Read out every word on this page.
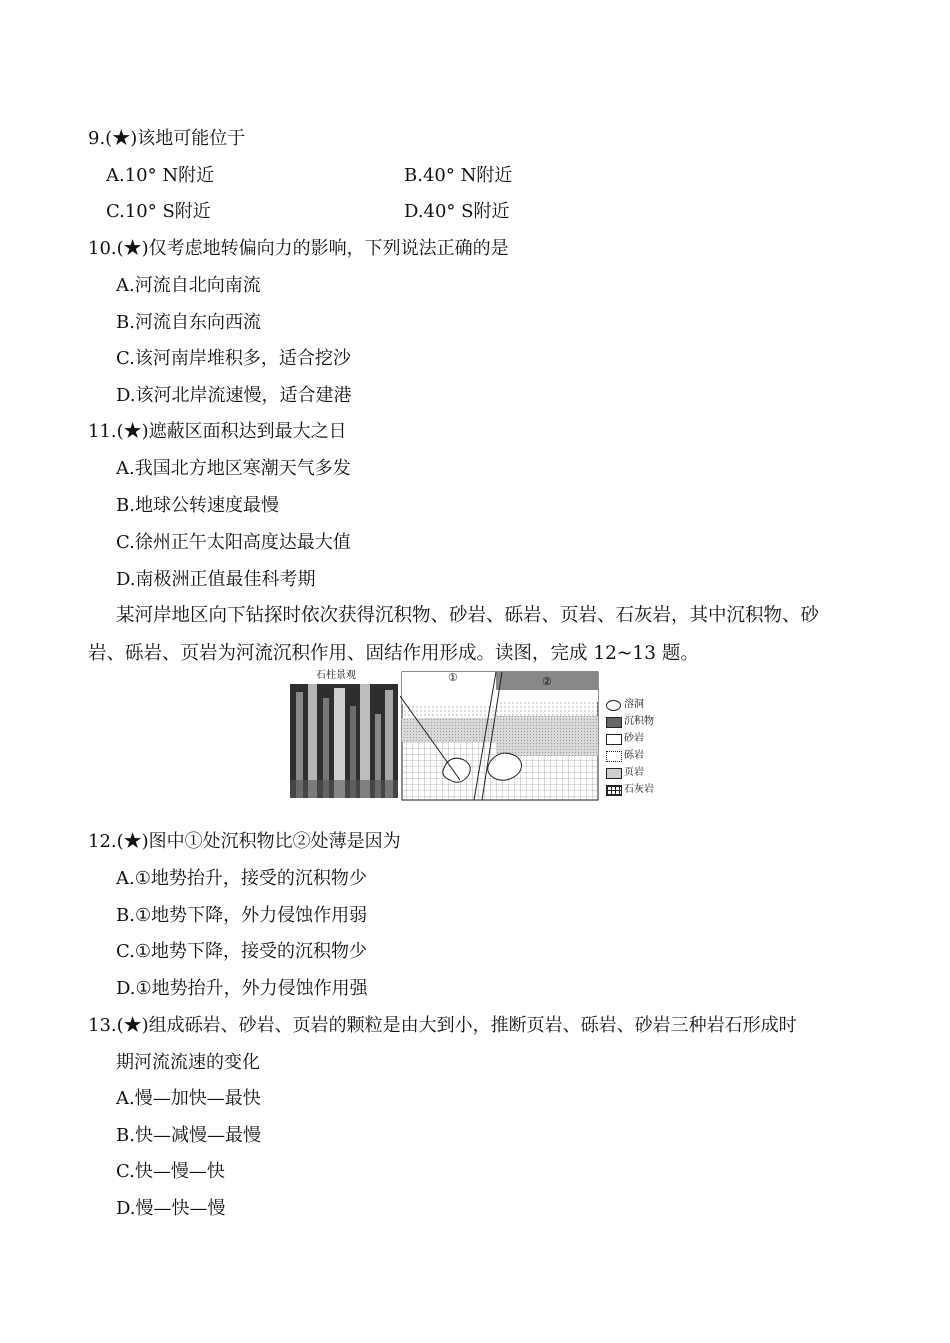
9.(★)该地可能位于
A.10° N附近	B.40° N附近
C.10° S附近	D.40° S附近
10.(★)仅考虑地转偏向力的影响，下列说法正确的是
A.河流自北向南流
B.河流自东向西流
C.该河南岸堆积多，适合挖沙
D.该河北岸流速慢，适合建港
11.(★)遮蔽区面积达到最大之日
A.我国北方地区寒潮天气多发
B.地球公转速度最慢
C.徐州正午太阳高度达最大值
D.南极洲正值最佳科考期
某河岸地区向下钻探时依次获得沉积物、砂岩、砾岩、页岩、石灰岩，其中沉积物、砂
岩、砾岩、页岩为河流沉积作用、固结作用形成。读图，完成 12~13 题。
石柱景观	①	②
溶洞
沉积物
砂岩
砾岩
页岩
石灰岩
12.(★)图中①处沉积物比②处薄是因为
A.①地势抬升，接受的沉积物少
B.①地势下降，外力侵蚀作用弱
C.①地势下降，接受的沉积物少
D.①地势抬升，外力侵蚀作用强
13.(★)组成砾岩、砂岩、页岩的颗粒是由大到小，推断页岩、砾岩、砂岩三种岩石形成时
期河流流速的变化
A.慢—加快—最快
B.快—减慢—最慢
C.快—慢—快
D.慢—快—慢
